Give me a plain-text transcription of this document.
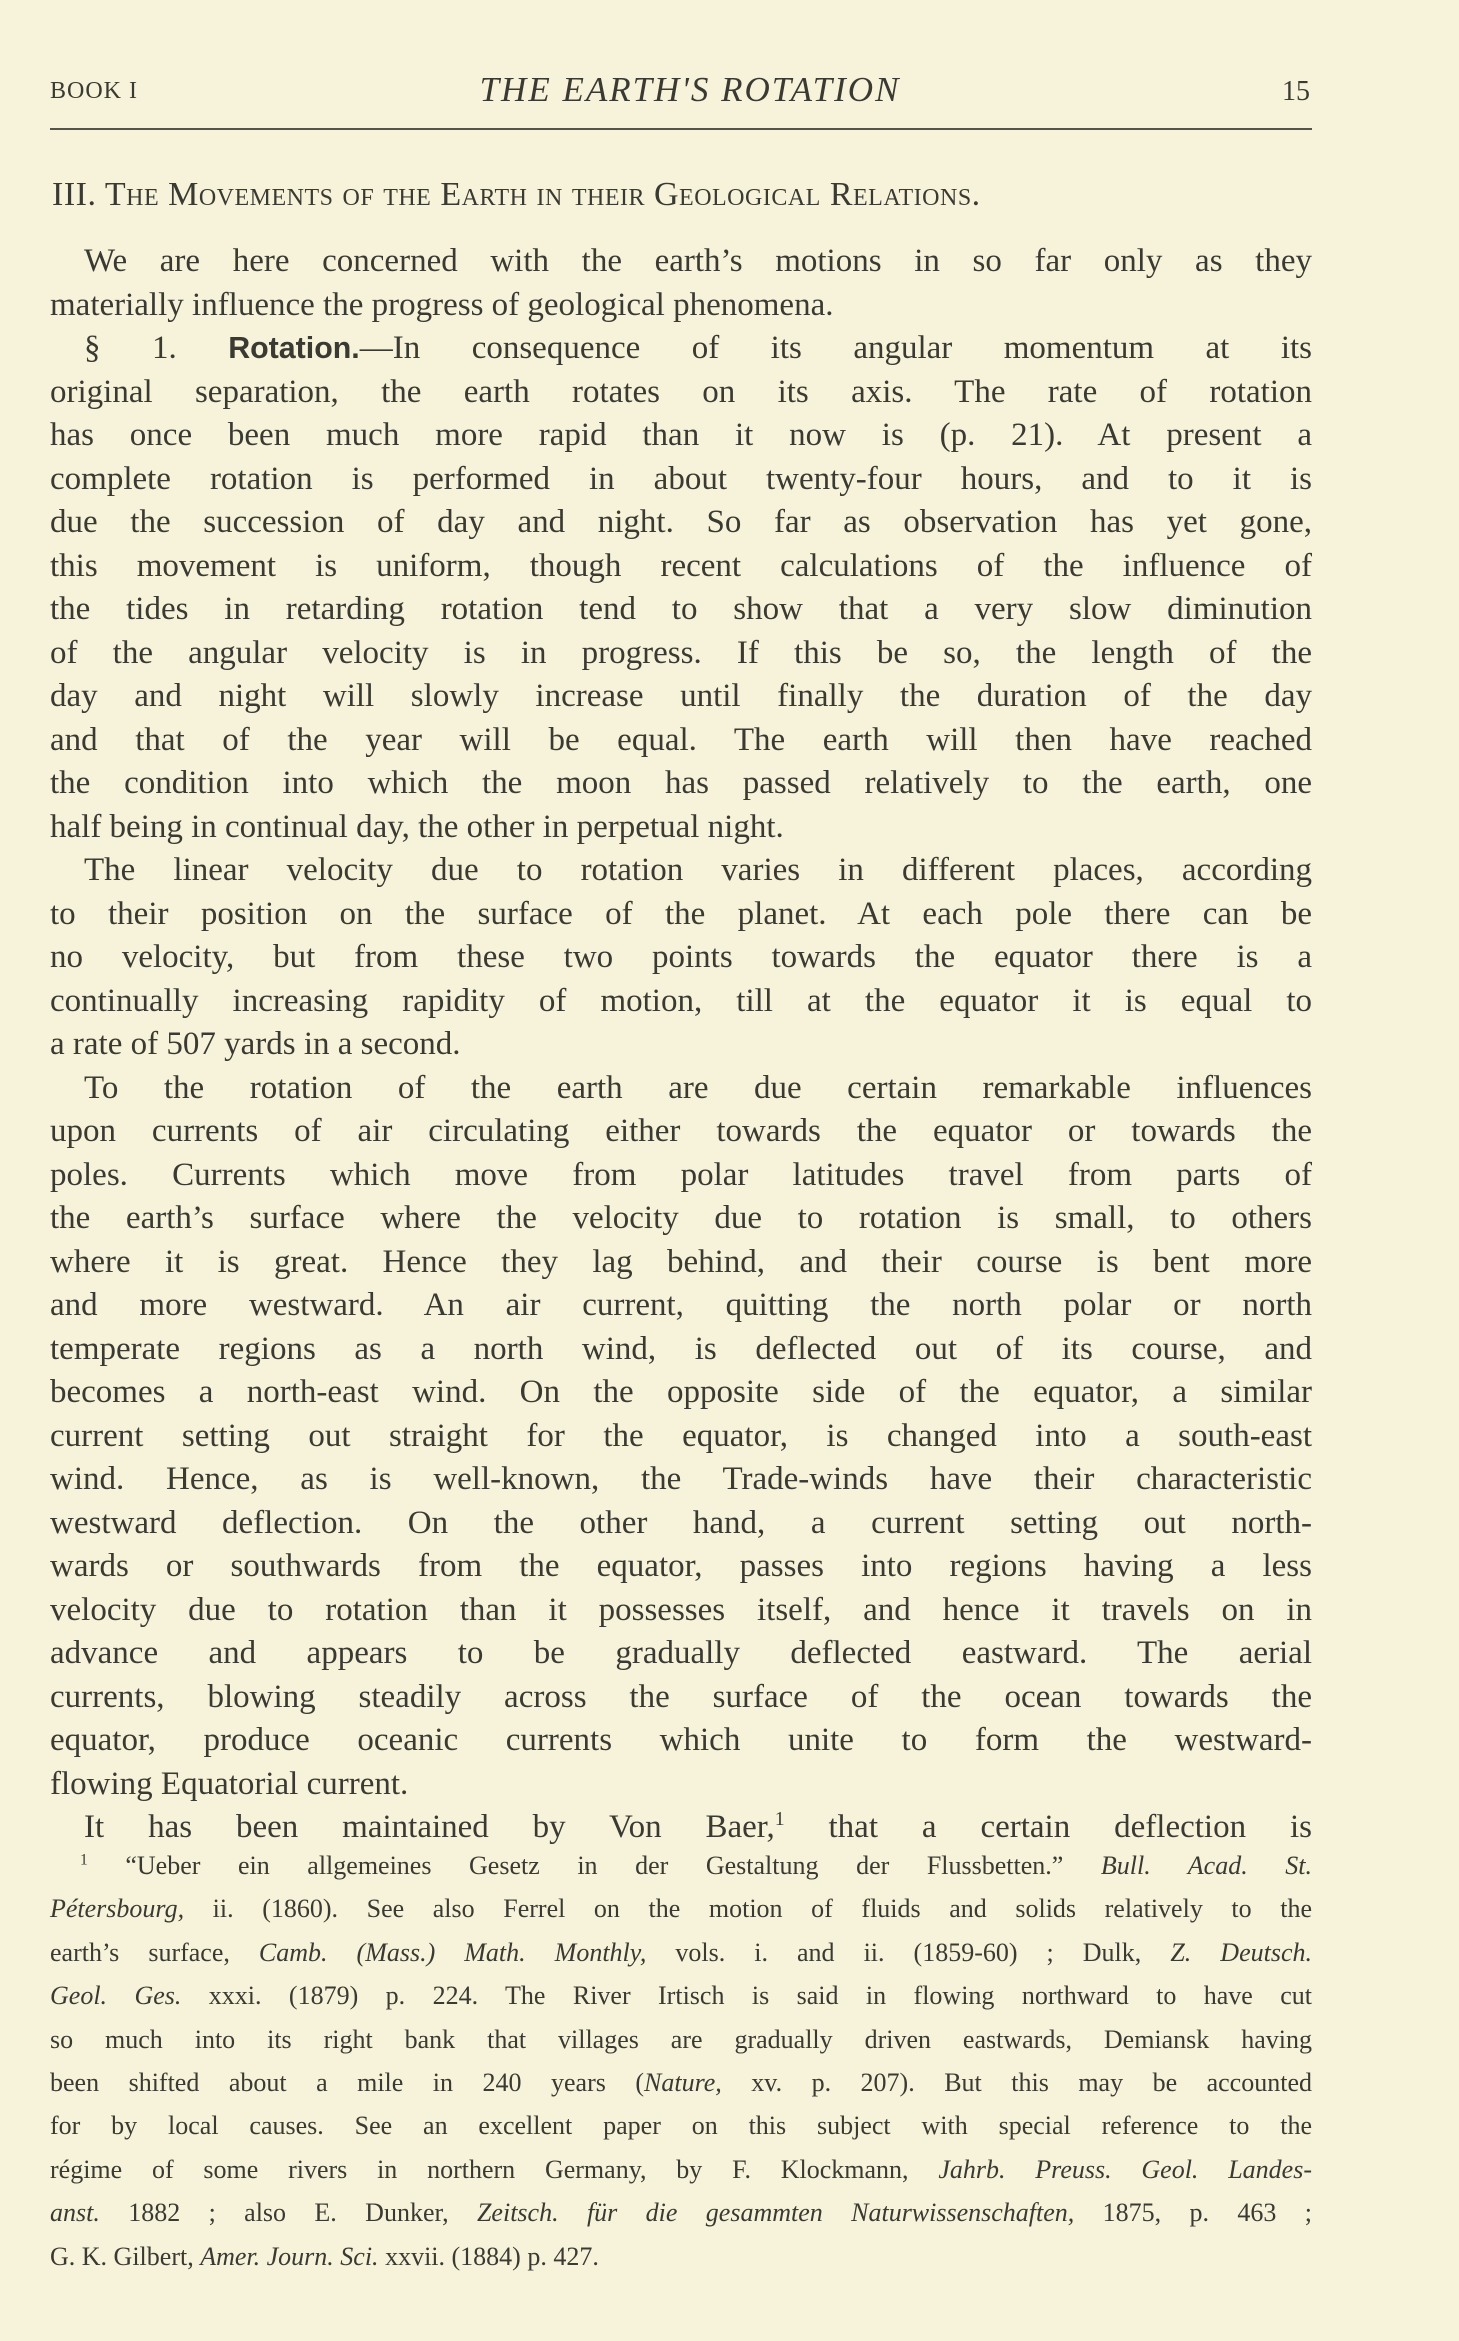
BOOK I	THE EARTH'S ROTATION	15
III. The Movements of the Earth in their Geological Relations.
We are here concerned with the earth’s motions in so far only as they
materially influence the progress of geological phenomena.
§ 1. Rotation.—In consequence of its angular momentum at its
original separation, the earth rotates on its axis. The rate of rotation
has once been much more rapid than it now is (p. 21). At present a
complete rotation is performed in about twenty-four hours, and to it is
due the succession of day and night. So far as observation has yet gone,
this movement is uniform, though recent calculations of the influence of
the tides in retarding rotation tend to show that a very slow diminution
of the angular velocity is in progress. If this be so, the length of the
day and night will slowly increase until finally the duration of the day
and that of the year will be equal. The earth will then have reached
the condition into which the moon has passed relatively to the earth, one
half being in continual day, the other in perpetual night.
The linear velocity due to rotation varies in different places, according
to their position on the surface of the planet. At each pole there can be
no velocity, but from these two points towards the equator there is a
continually increasing rapidity of motion, till at the equator it is equal to
a rate of 507 yards in a second.
To the rotation of the earth are due certain remarkable influences
upon currents of air circulating either towards the equator or towards the
poles. Currents which move from polar latitudes travel from parts of
the earth’s surface where the velocity due to rotation is small, to others
where it is great. Hence they lag behind, and their course is bent more
and more westward. An air current, quitting the north polar or north
temperate regions as a north wind, is deflected out of its course, and
becomes a north-east wind. On the opposite side of the equator, a similar
current setting out straight for the equator, is changed into a south-east
wind. Hence, as is well-known, the Trade-winds have their characteristic
westward deflection. On the other hand, a current setting out north-
wards or southwards from the equator, passes into regions having a less
velocity due to rotation than it possesses itself, and hence it travels on in
advance and appears to be gradually deflected eastward. The aerial
currents, blowing steadily across the surface of the ocean towards the
equator, produce oceanic currents which unite to form the westward-
flowing Equatorial current.
It has been maintained by Von Baer,$^1$ that a certain deflection is
$^1$ “Ueber ein allgemeines Gesetz in der Gestaltung der Flussbetten.” Bull. Acad. St.
Pétersbourg, ii. (1860). See also Ferrel on the motion of fluids and solids relatively to the
earth’s surface, Camb. (Mass.) Math. Monthly, vols. i. and ii. (1859-60) ; Dulk, Z. Deutsch.
Geol. Ges. xxxi. (1879) p. 224. The River Irtisch is said in flowing northward to have cut
so much into its right bank that villages are gradually driven eastwards, Demiansk having
been shifted about a mile in 240 years (Nature, xv. p. 207). But this may be accounted
for by local causes. See an excellent paper on this subject with special reference to the
régime of some rivers in northern Germany, by F. Klockmann, Jahrb. Preuss. Geol. Landes-
anst. 1882 ; also E. Dunker, Zeitsch. für die gesammten Naturwissenschaften, 1875, p. 463 ;
G. K. Gilbert, Amer. Journ. Sci. xxvii. (1884) p. 427.
